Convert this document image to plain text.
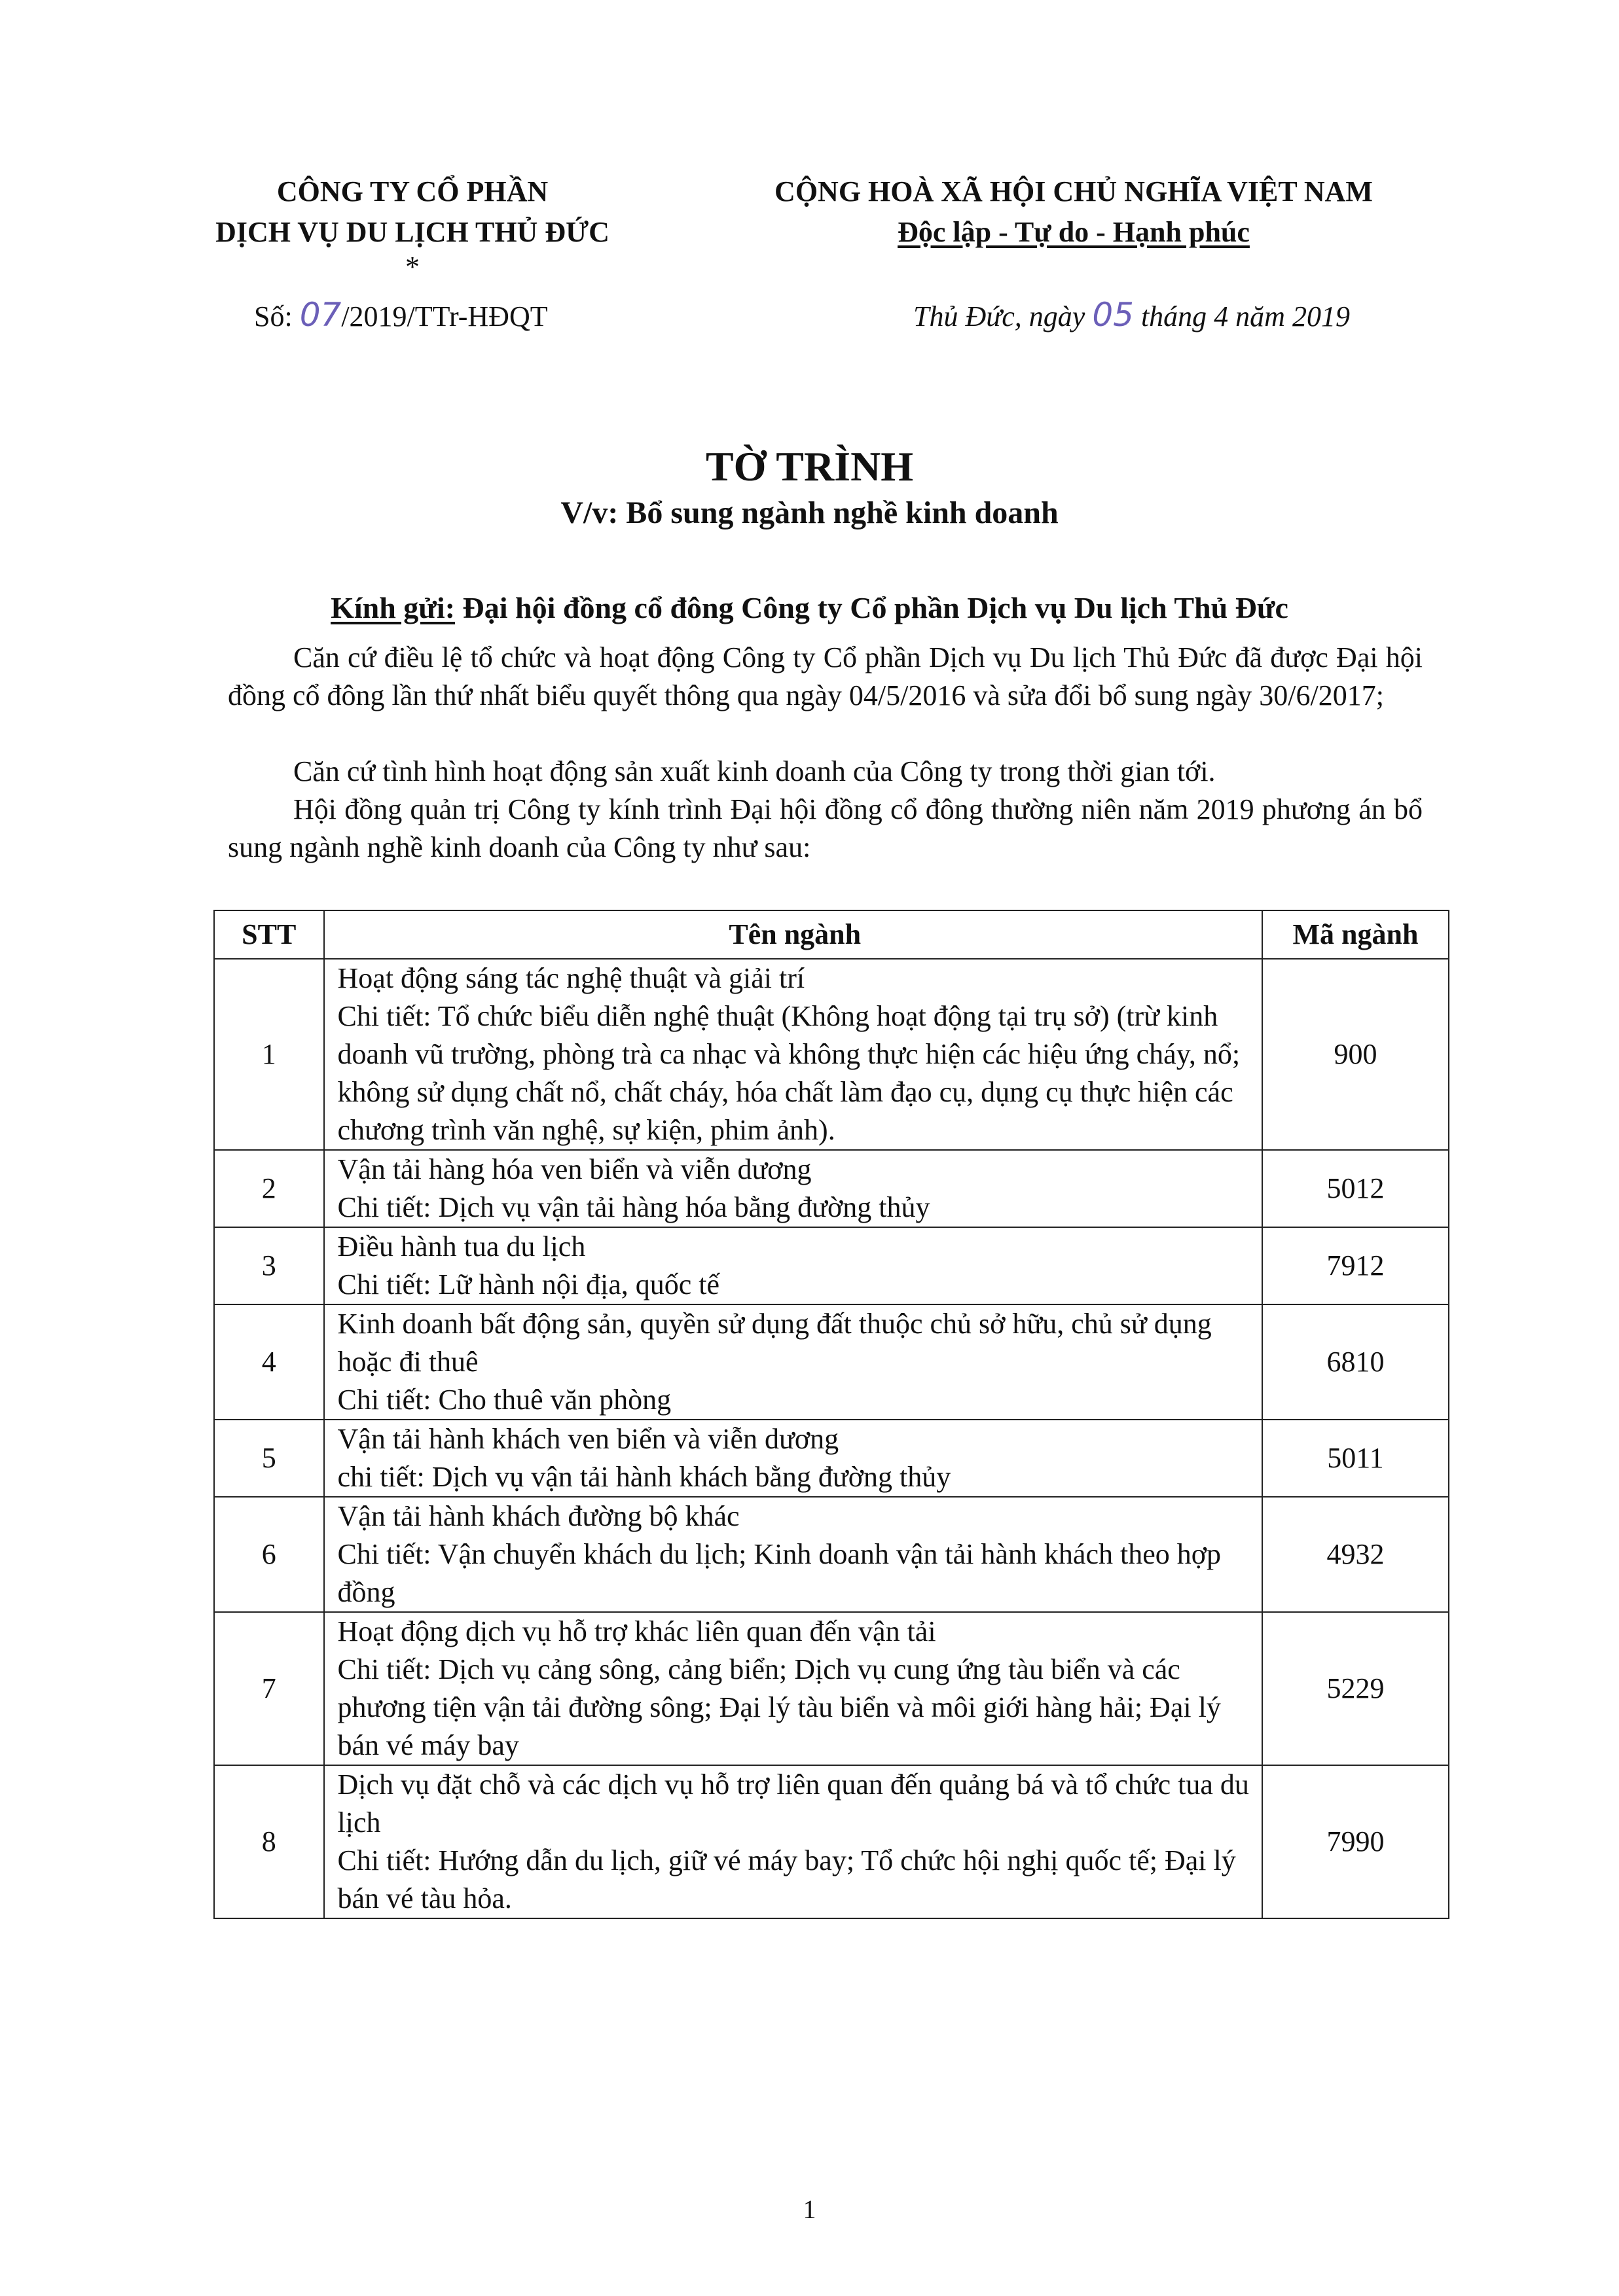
CÔNG TY CỔ PHẦN
DỊCH VỤ DU LỊCH THỦ ĐỨC
*
CỘNG HOÀ XÃ HỘI CHỦ NGHĨA VIỆT NAM
Độc lập - Tự do - Hạnh phúc
Số: 07/2019/TTr-HĐQT	Thủ Đức, ngày 05 tháng 4 năm 2019
TỜ TRÌNH
V/v: Bổ sung ngành nghề kinh doanh
Kính gửi: Đại hội đồng cổ đông Công ty Cổ phần Dịch vụ Du lịch Thủ Đức
Căn cứ điều lệ tổ chức và hoạt động Công ty Cổ phần Dịch vụ Du lịch Thủ Đức đã được Đại hội đồng cổ đông lần thứ nhất biểu quyết thông qua ngày 04/5/2016 và sửa đổi bổ sung ngày 30/6/2017;
Căn cứ tình hình hoạt động sản xuất kinh doanh của Công ty trong thời gian tới.
Hội đồng quản trị Công ty kính trình Đại hội đồng cổ đông thường niên năm 2019 phương án bổ sung ngành nghề kinh doanh của Công ty như sau:
STT	Tên ngành	Mã ngành
1	Hoạt động sáng tác nghệ thuật và giải trí
Chi tiết: Tổ chức biểu diễn nghệ thuật (Không hoạt động tại trụ sở) (trừ kinh doanh vũ trường, phòng trà ca nhạc và không thực hiện các hiệu ứng cháy, nổ; không sử dụng chất nổ, chất cháy, hóa chất làm đạo cụ, dụng cụ thực hiện các chương trình văn nghệ, sự kiện, phim ảnh).	900
2	Vận tải hàng hóa ven biển và viễn dương
Chi tiết: Dịch vụ vận tải hàng hóa bằng đường thủy	5012
3	Điều hành tua du lịch
Chi tiết: Lữ hành nội địa, quốc tế	7912
4	Kinh doanh bất động sản, quyền sử dụng đất thuộc chủ sở hữu, chủ sử dụng hoặc đi thuê
Chi tiết: Cho thuê văn phòng	6810
5	Vận tải hành khách ven biển và viễn dương
chi tiết: Dịch vụ vận tải hành khách bằng đường thủy	5011
6	Vận tải hành khách đường bộ khác
Chi tiết: Vận chuyển khách du lịch; Kinh doanh vận tải hành khách theo hợp đồng	4932
7	Hoạt động dịch vụ hỗ trợ khác liên quan đến vận tải
Chi tiết: Dịch vụ cảng sông, cảng biển; Dịch vụ cung ứng tàu biển và các phương tiện vận tải đường sông; Đại lý tàu biển và môi giới hàng hải; Đại lý bán vé máy bay	5229
8	Dịch vụ đặt chỗ và các dịch vụ hỗ trợ liên quan đến quảng bá và tổ chức tua du lịch
Chi tiết: Hướng dẫn du lịch, giữ vé máy bay; Tổ chức hội nghị quốc tế; Đại lý bán vé tàu hỏa.	7990
1
